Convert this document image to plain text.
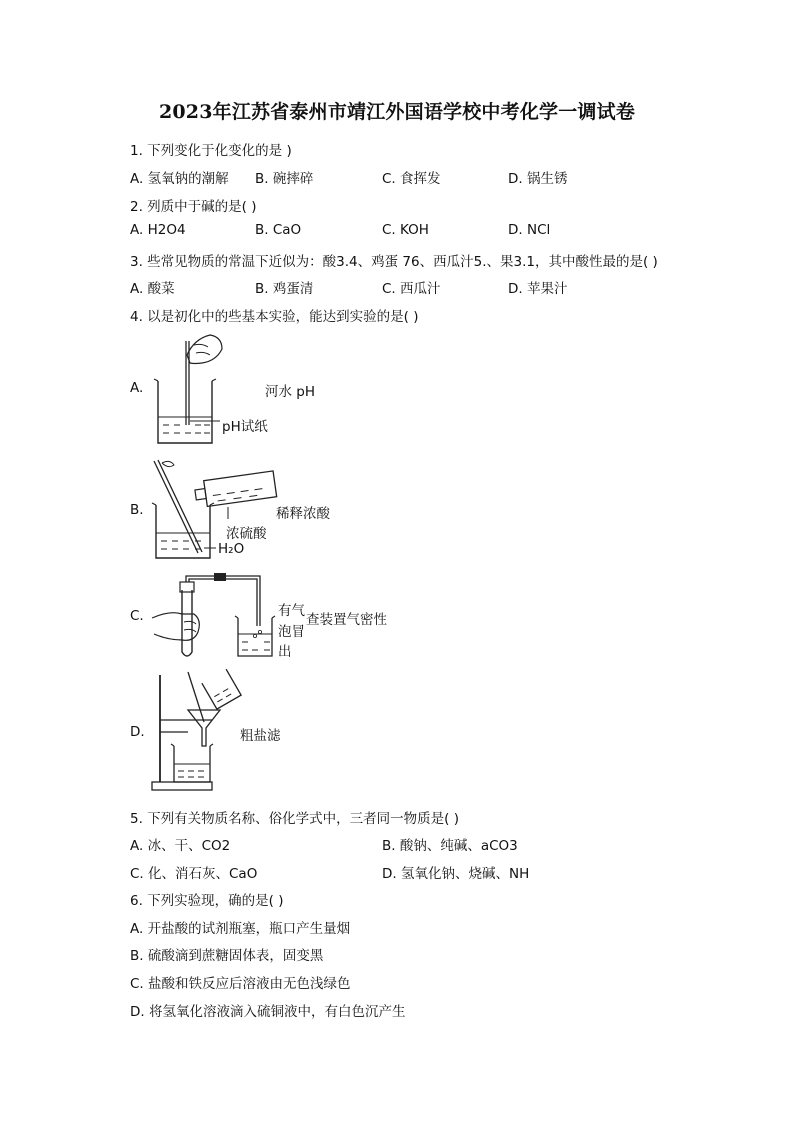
2023年江苏省泰州市靖江外国语学校中考化学一调试卷
1. 下列变化于化变化的是 )
A. 氢氧钠的潮解 B. 碗摔碎	C. 食挥发	D. 锅生锈
2. 列质中于碱的是( )
A. H2O4	B. CaO	C. KOH	D. NCl
3. 些常见物质的常温下近似为：酸3.4、鸡蛋 76、西瓜汁5.、果3.1，其中酸性最的是( )
A. 酸菜	B. 鸡蛋清	C. 西瓜汁	D. 苹果汁
4. 以是初化中的些基本实验，能达到实验的是( )
A.	河水 pH
pH试纸
B.	稀释浓酸
浓硫酸
H₂O
C.	有气
查装置气密性
泡冒
出
D.	粗盐滤
5. 下列有关物质名称、俗化学式中，三者同一物质是( )
A. 冰、干、CO2	B. 酸钠、纯碱、aCO3
C. 化、消石灰、CaO	D. 氢氧化钠、烧碱、NH
6. 下列实验现，确的是( )
A. 开盐酸的试剂瓶塞，瓶口产生量烟
B. 硫酸滴到蔗糖固体表，固变黑
C. 盐酸和铁反应后溶液由无色浅绿色
D. 将氢氧化溶液滴入硫铜液中，有白色沉产生
